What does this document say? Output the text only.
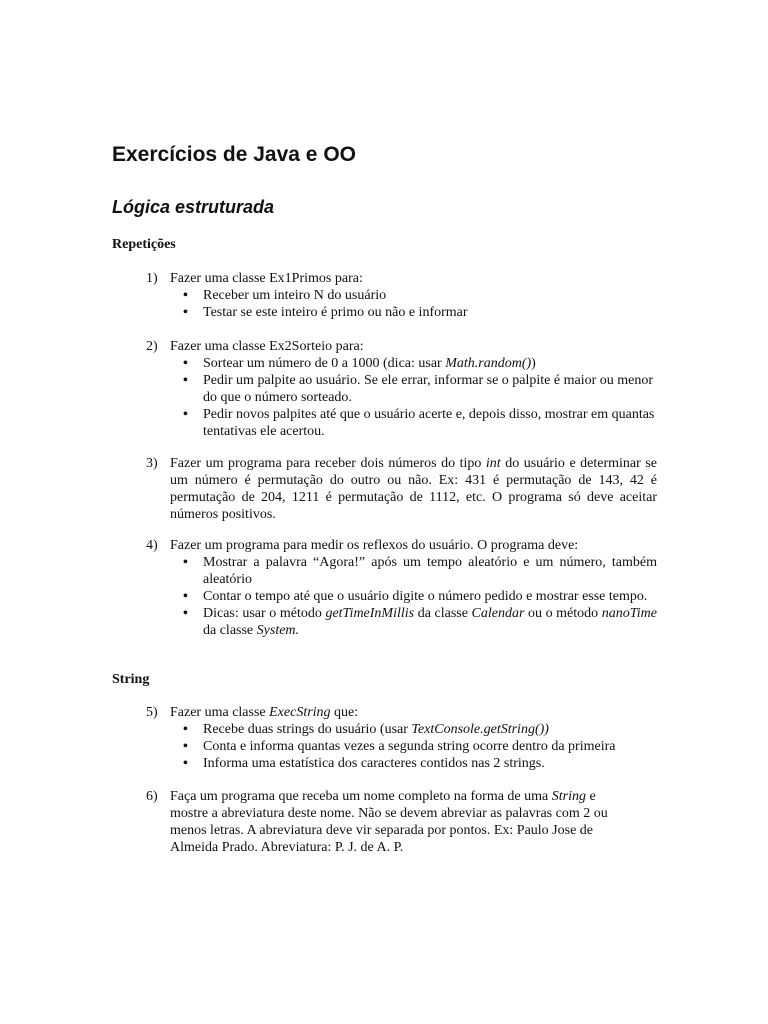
Exercícios de Java e OO
Lógica estruturada
Repetições
1) Fazer uma classe Ex1Primos para:
• Receber um inteiro N do usuário
• Testar se este inteiro é primo ou não e informar
2) Fazer uma classe Ex2Sorteio para:
• Sortear um número de 0 a 1000 (dica: usar Math.random())
• Pedir um palpite ao usuário. Se ele errar, informar se o palpite é maior ou menor do que o número sorteado.
• Pedir novos palpites até que o usuário acerte e, depois disso, mostrar em quantas tentativas ele acertou.
3) Fazer um programa para receber dois números do tipo int do usuário e determinar se um número é permutação do outro ou não. Ex: 431 é permutação de 143, 42 é permutação de 204, 1211 é permutação de 1112, etc. O programa só deve aceitar números positivos.
4) Fazer um programa para medir os reflexos do usuário. O programa deve:
• Mostrar a palavra “Agora!” após um tempo aleatório e um número, também aleatório
• Contar o tempo até que o usuário digite o número pedido e mostrar esse tempo.
• Dicas: usar o método getTimeInMillis da classe Calendar ou o método nanoTime da classe System.
String
5) Fazer uma classe ExecString que:
• Recebe duas strings do usuário (usar TextConsole.getString())
• Conta e informa quantas vezes a segunda string ocorre dentro da primeira
• Informa uma estatística dos caracteres contidos nas 2 strings.
6) Faça um programa que receba um nome completo na forma de uma String e mostre a abreviatura deste nome. Não se devem abreviar as palavras com 2 ou menos letras. A abreviatura deve vir separada por pontos. Ex: Paulo Jose de Almeida Prado. Abreviatura: P. J. de A. P.
